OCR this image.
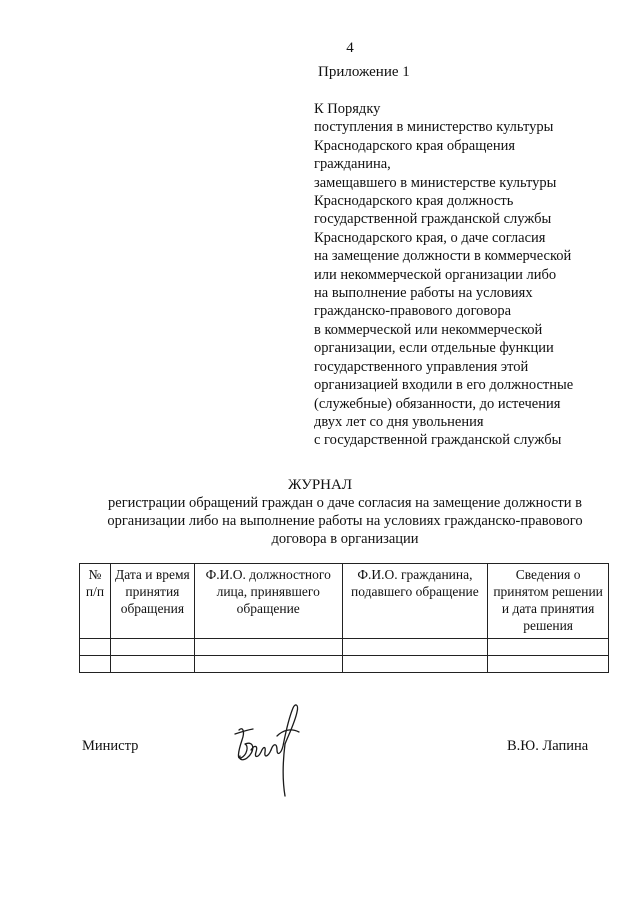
4
Приложение 1
К Порядку
поступления в министерство культуры
Краснодарского края обращения
гражданина,
замещавшего в министерстве культуры
Краснодарского края должность
государственной гражданской службы
Краснодарского края, о даче согласия
на замещение должности в коммерческой
или некоммерческой организации либо
на выполнение работы на условиях
гражданско-правового договора
в коммерческой или некоммерческой
организации, если отдельные функции
государственного управления этой
организацией входили в его должностные
(служебные) обязанности, до истечения
двух лет со дня увольнения
с государственной гражданской службы
ЖУРНАЛ
регистрации обращений граждан о даче согласия на замещение должности в
организации либо на выполнение работы на условиях гражданско-правового
договора в организации
№ п/п	Дата и время принятия обращения	Ф.И.О. должностного лица, принявшего обращение	Ф.И.О. гражданина, подавшего обращение	Сведения о принятом решении и дата принятия решения

Министр	В.Ю. Лапина
